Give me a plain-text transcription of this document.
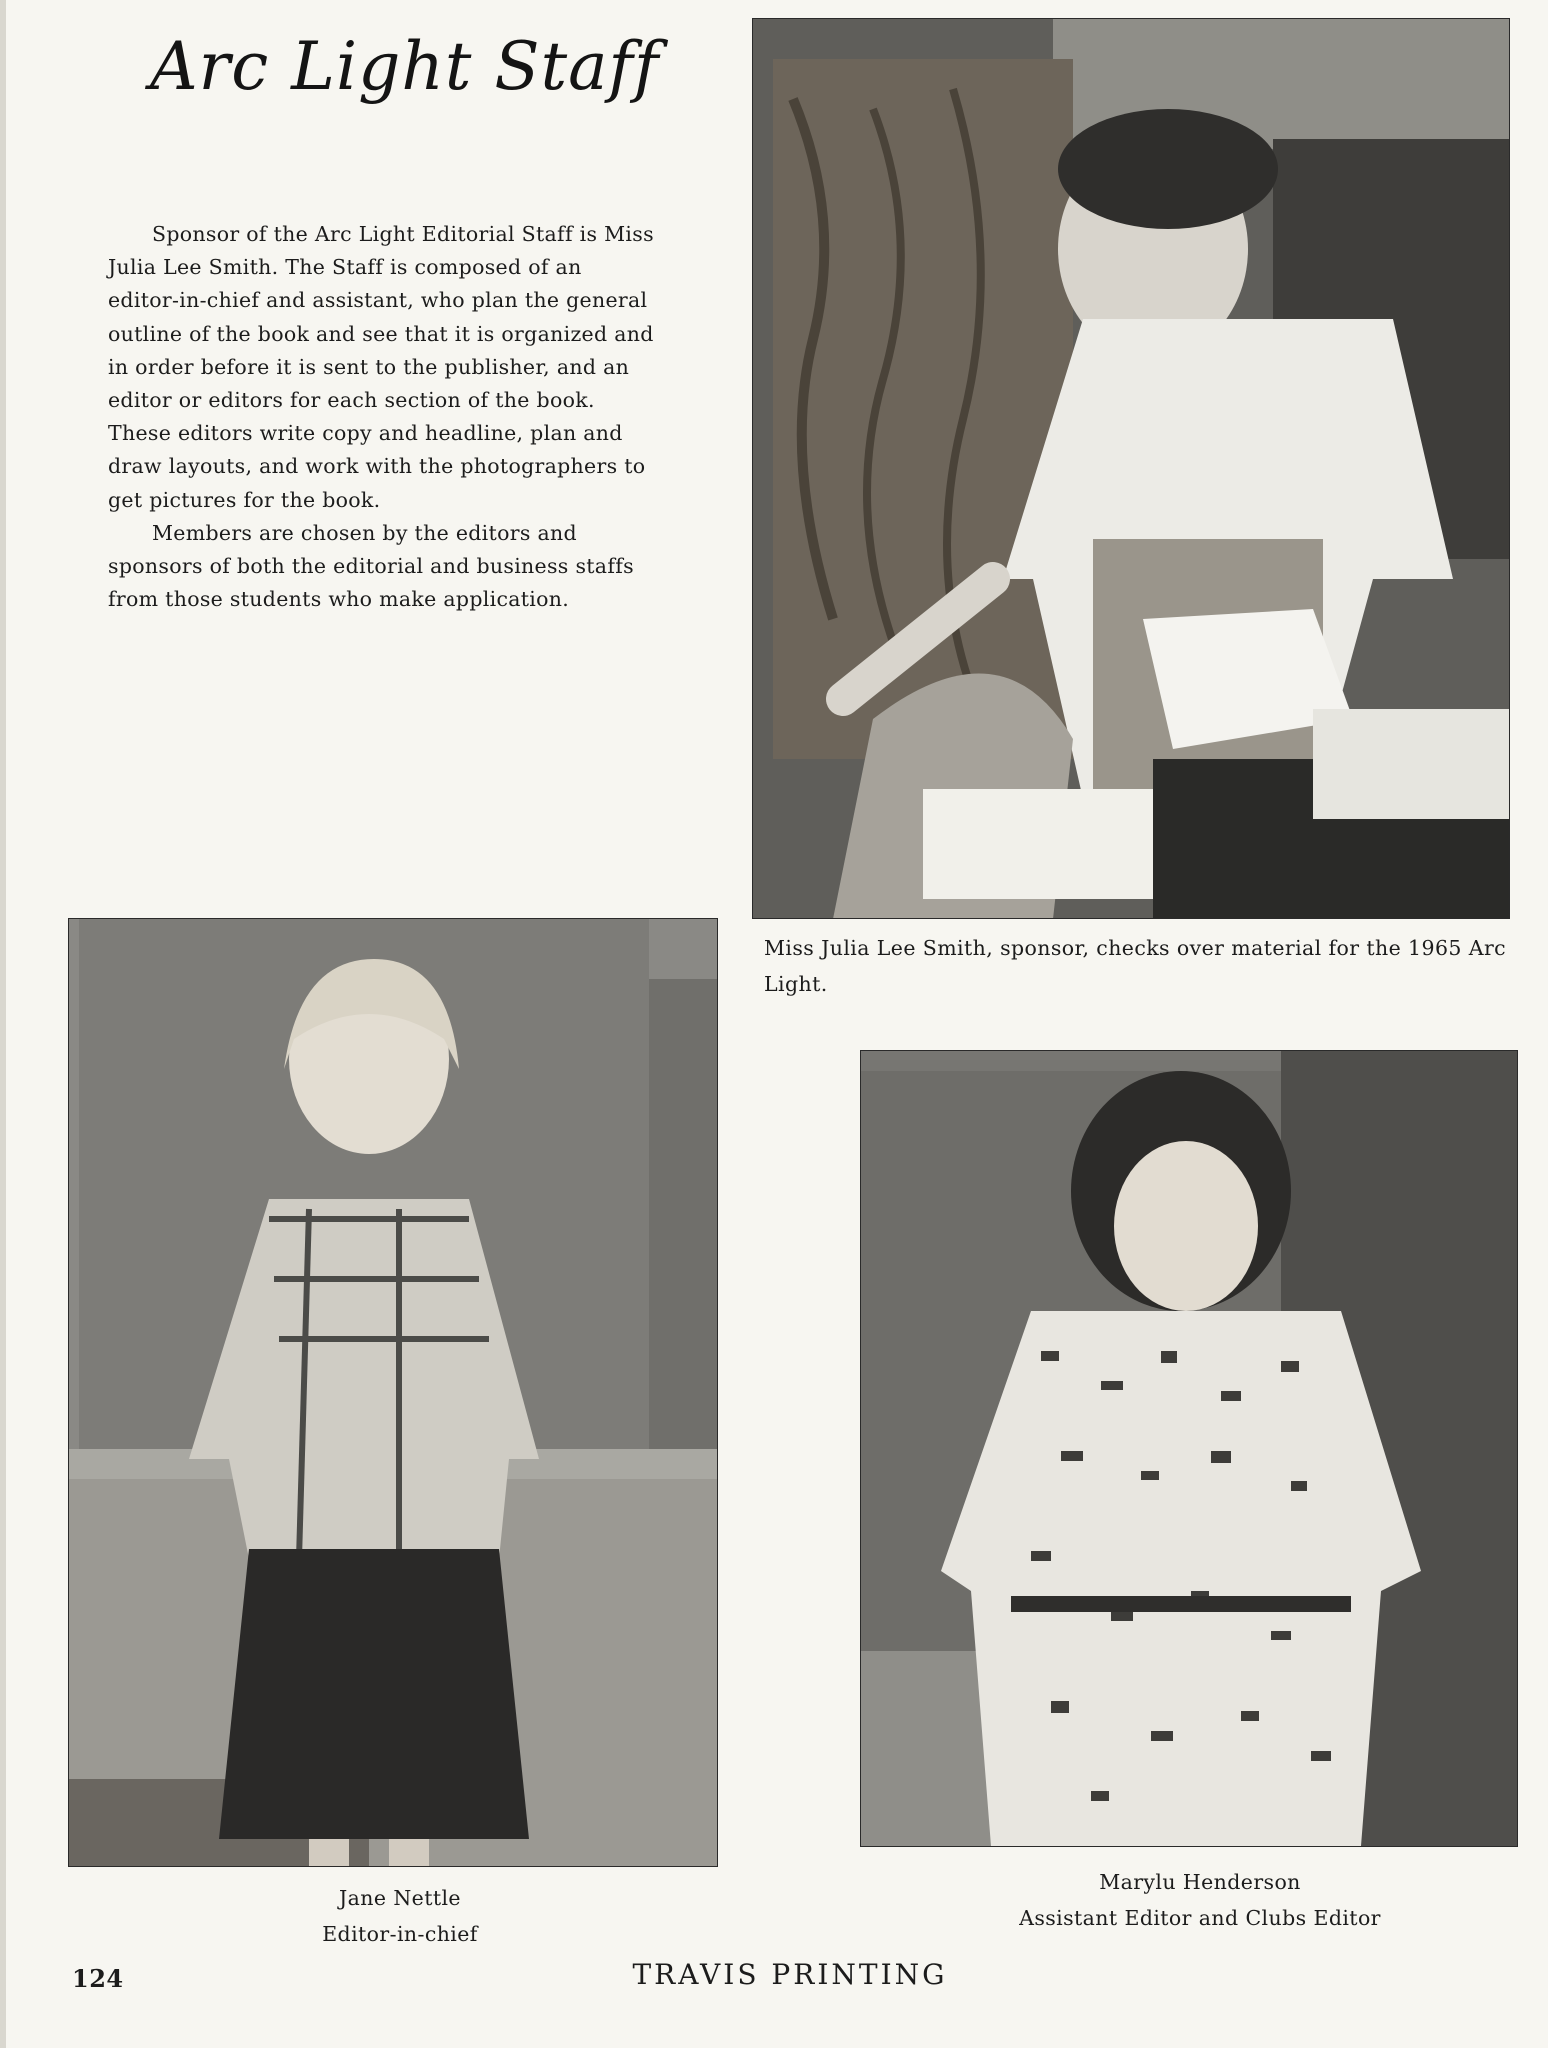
Arc Light Staff

Sponsor of the Arc Light Editorial Staff is Miss Julia Lee Smith. The Staff is composed of an editor-in-chief and assistant, who plan the general outline of the book and see that it is organized and in order before it is sent to the publisher, and an editor or editors for each section of the book. These editors write copy and headline, plan and draw layouts, and work with the photographers to get pictures for the book.

Members are chosen by the editors and sponsors of both the editorial and business staffs from those students who make application.

Miss Julia Lee Smith, sponsor, checks over material for the 1965 Arc Light.
Jane Nettle
Editor-in-chief
Marylu Henderson
Assistant Editor and Clubs Editor
124	TRAVIS PRINTING
